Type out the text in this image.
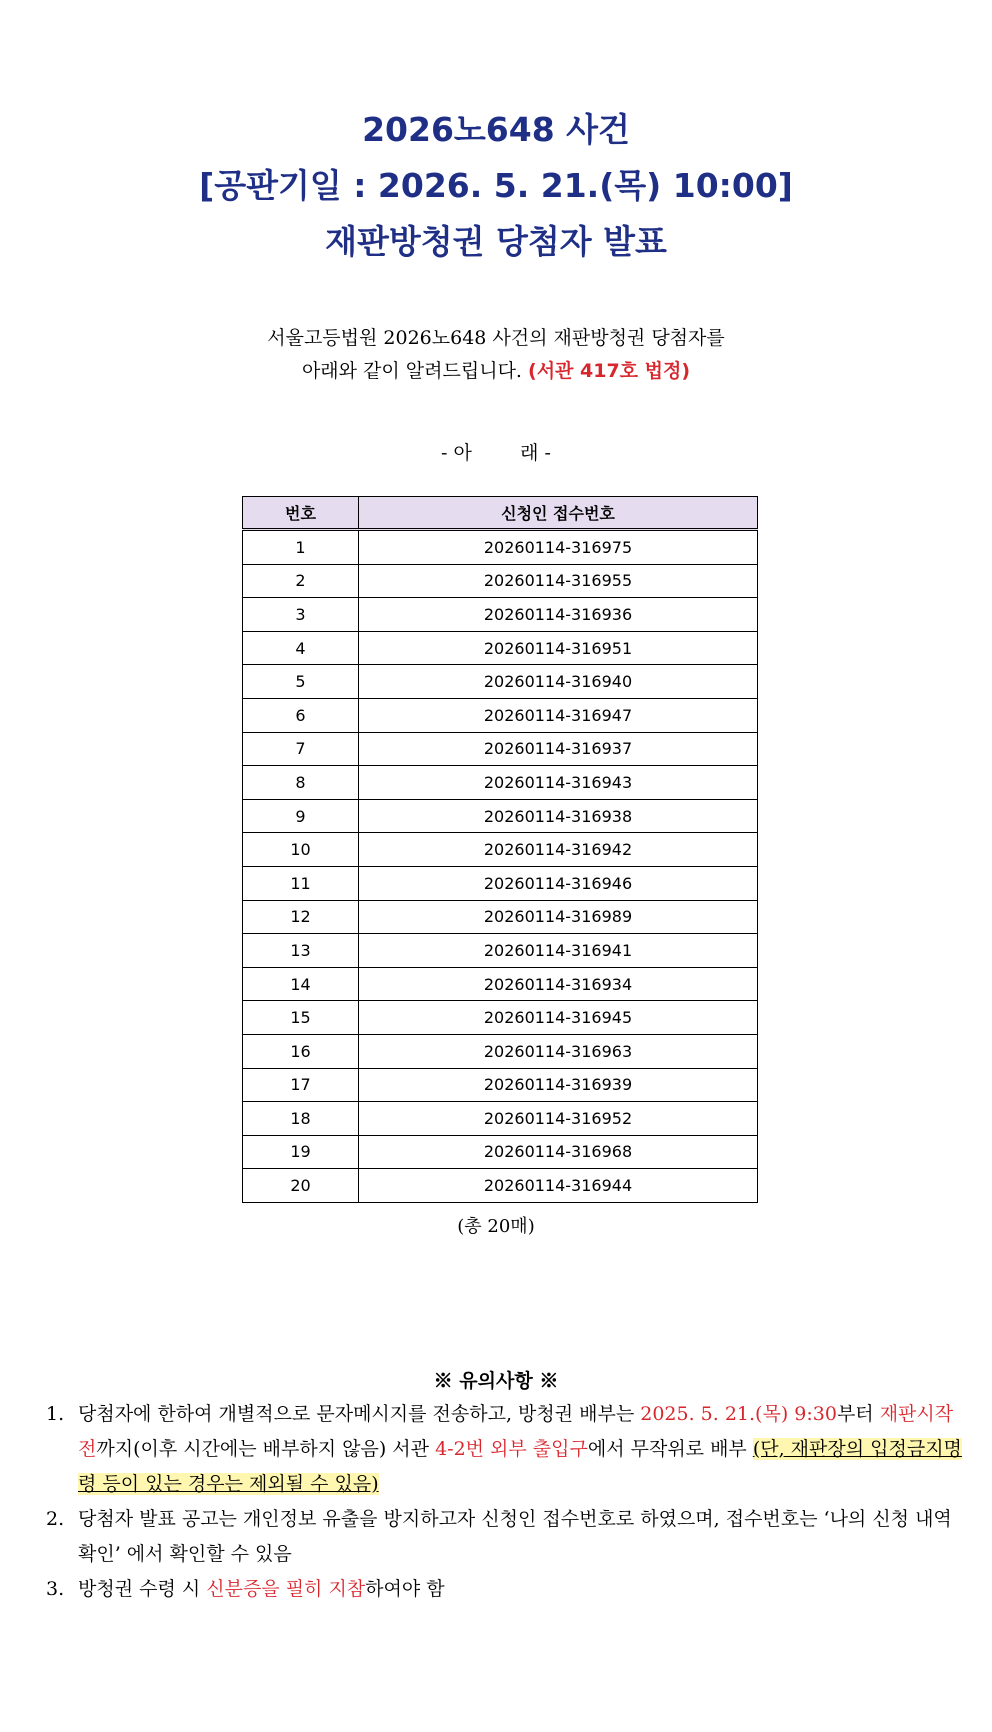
2026노648 사건
[공판기일 : 2026. 5. 21.(목) 10:00]
재판방청권 당첨자 발표
서울고등법원 2026노648 사건의 재판방청권 당첨자를
아래와 같이 알려드립니다. (서관 417호 법정)
- 아        래 -
번호	신청인 접수번호
1	20260114-316975
2	20260114-316955
3	20260114-316936
4	20260114-316951
5	20260114-316940
6	20260114-316947
7	20260114-316937
8	20260114-316943
9	20260114-316938
10	20260114-316942
11	20260114-316946
12	20260114-316989
13	20260114-316941
14	20260114-316934
15	20260114-316945
16	20260114-316963
17	20260114-316939
18	20260114-316952
19	20260114-316968
20	20260114-316944
(총 20매)
※ 유의사항 ※
1. 당첨자에 한하여 개별적으로 문자메시지를 전송하고, 방청권 배부는 2025. 5. 21.(목) 9:30부터 재판시작 전까지(이후 시간에는 배부하지 않음) 서관 4-2번 외부 출입구에서 무작위로 배부 (단, 재판장의 입정금지명령 등이 있는 경우는 제외될 수 있음)
2. 당첨자 발표 공고는 개인정보 유출을 방지하고자 신청인 접수번호로 하였으며, 접수번호는 ‘나의 신청 내역 확인’ 에서 확인할 수 있음
3. 방청권 수령 시 신분증을 필히 지참하여야 함
